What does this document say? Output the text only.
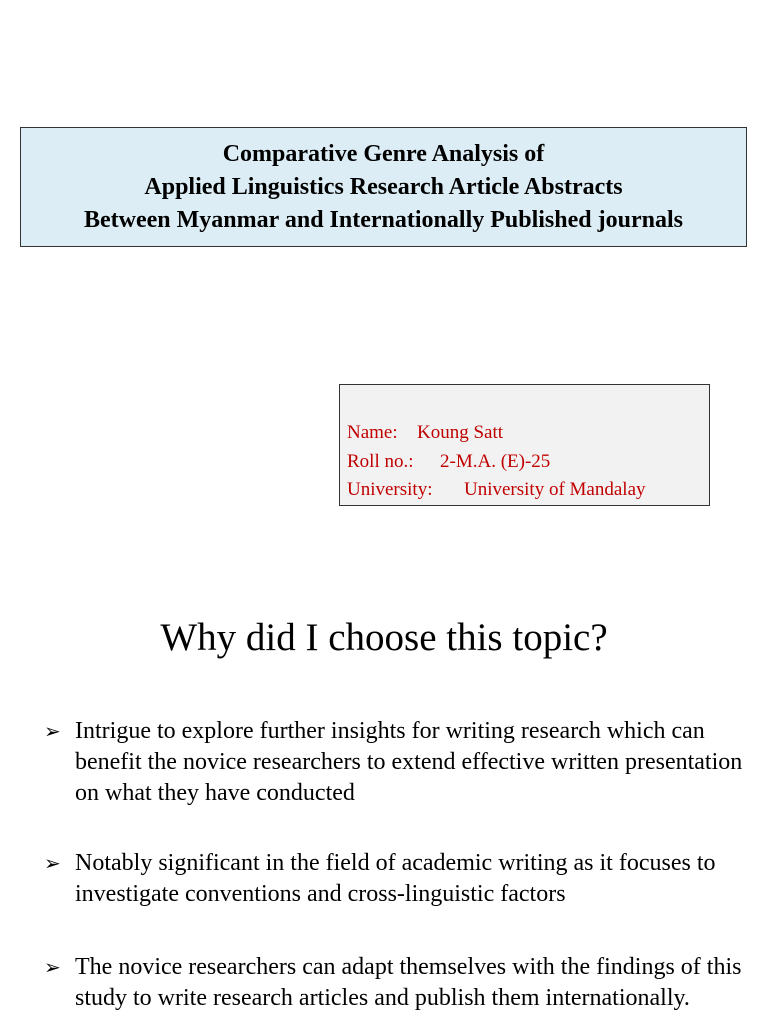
Comparative Genre Analysis of
Applied Linguistics Research Article Abstracts
Between Myanmar and Internationally Published journals
Name: Koung Satt
Roll no.: 2-M.A. (E)-25
University: University of Mandalay
Why did I choose this topic?
➢ Intrigue to explore further insights for writing research which can benefit the novice researchers to extend effective written presentation on what they have conducted
➢ Notably significant in the field of academic writing as it focuses to investigate conventions and cross-linguistic factors
➢ The novice researchers can adapt themselves with the findings of this study to write research articles and publish them internationally.
